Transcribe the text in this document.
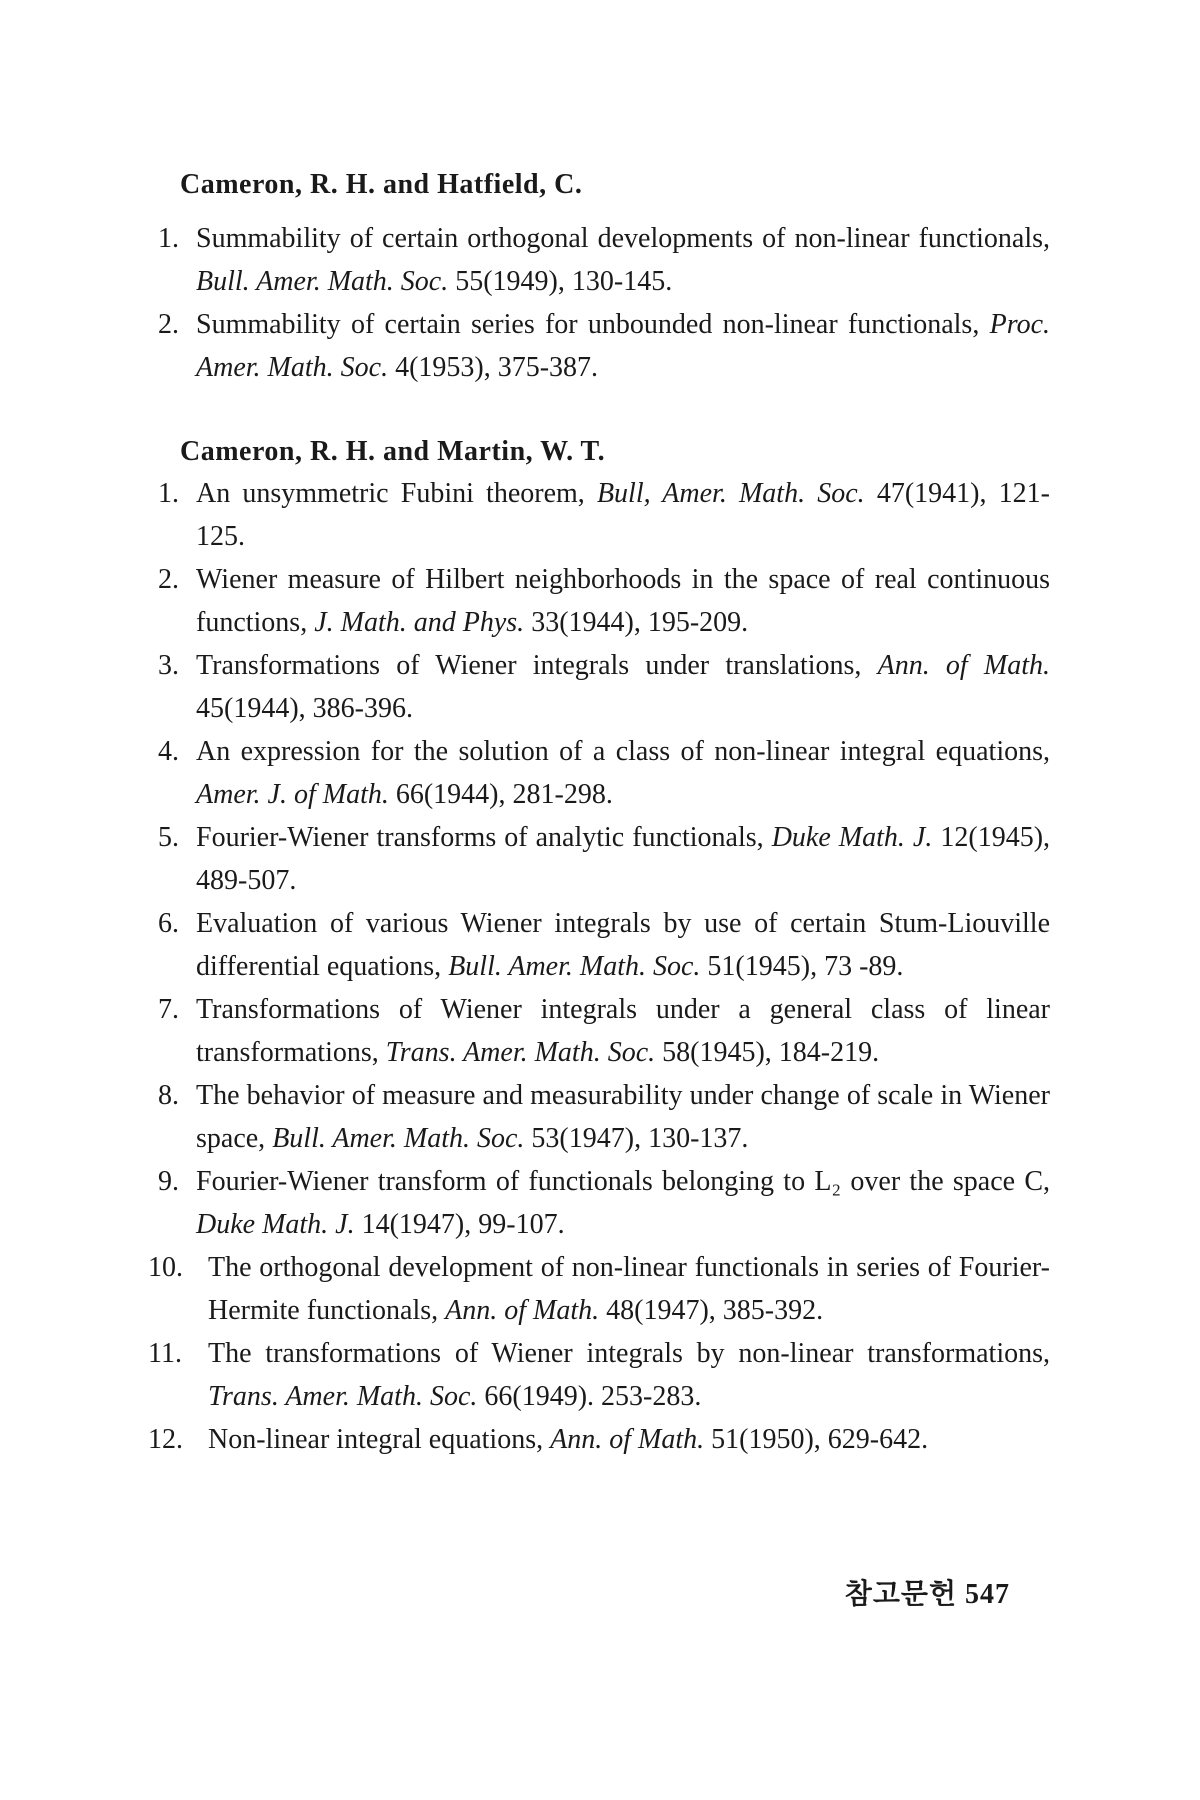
Cameron, R. H. and Hatfield, C.
1. Summability of certain orthogonal developments of non-linear functionals, Bull. Amer. Math. Soc. 55(1949), 130-145.
2. Summability of certain series for unbounded non-linear functionals, Proc. Amer. Math. Soc. 4(1953), 375-387.
Cameron, R. H. and Martin, W. T.
1. An unsymmetric Fubini theorem, Bull, Amer. Math. Soc. 47(1941), 121-125.
2. Wiener measure of Hilbert neighborhoods in the space of real continuous functions, J. Math. and Phys. 33(1944), 195-209.
3. Transformations of Wiener integrals under translations, Ann. of Math. 45(1944), 386-396.
4. An expression for the solution of a class of non-linear integral equations, Amer. J. of Math. 66(1944), 281-298.
5. Fourier-Wiener transforms of analytic functionals, Duke Math. J. 12(1945), 489-507.
6. Evaluation of various Wiener integrals by use of certain Stum-Liouville differential equations, Bull. Amer. Math. Soc. 51(1945), 73 -89.
7. Transformations of Wiener integrals under a general class of linear transformations, Trans. Amer. Math. Soc. 58(1945), 184-219.
8. The behavior of measure and measurability under change of scale in Wiener space, Bull. Amer. Math. Soc. 53(1947), 130-137.
9. Fourier-Wiener transform of functionals belonging to L₂ over the space C, Duke Math. J. 14(1947), 99-107.
10. The orthogonal development of non-linear functionals in series of Fourier-Hermite functionals, Ann. of Math. 48(1947), 385-392.
11. The transformations of Wiener integrals by non-linear transformations, Trans. Amer. Math. Soc. 66(1949). 253-283.
12. Non-linear integral equations, Ann. of Math. 51(1950), 629-642.
참고문헌 547
